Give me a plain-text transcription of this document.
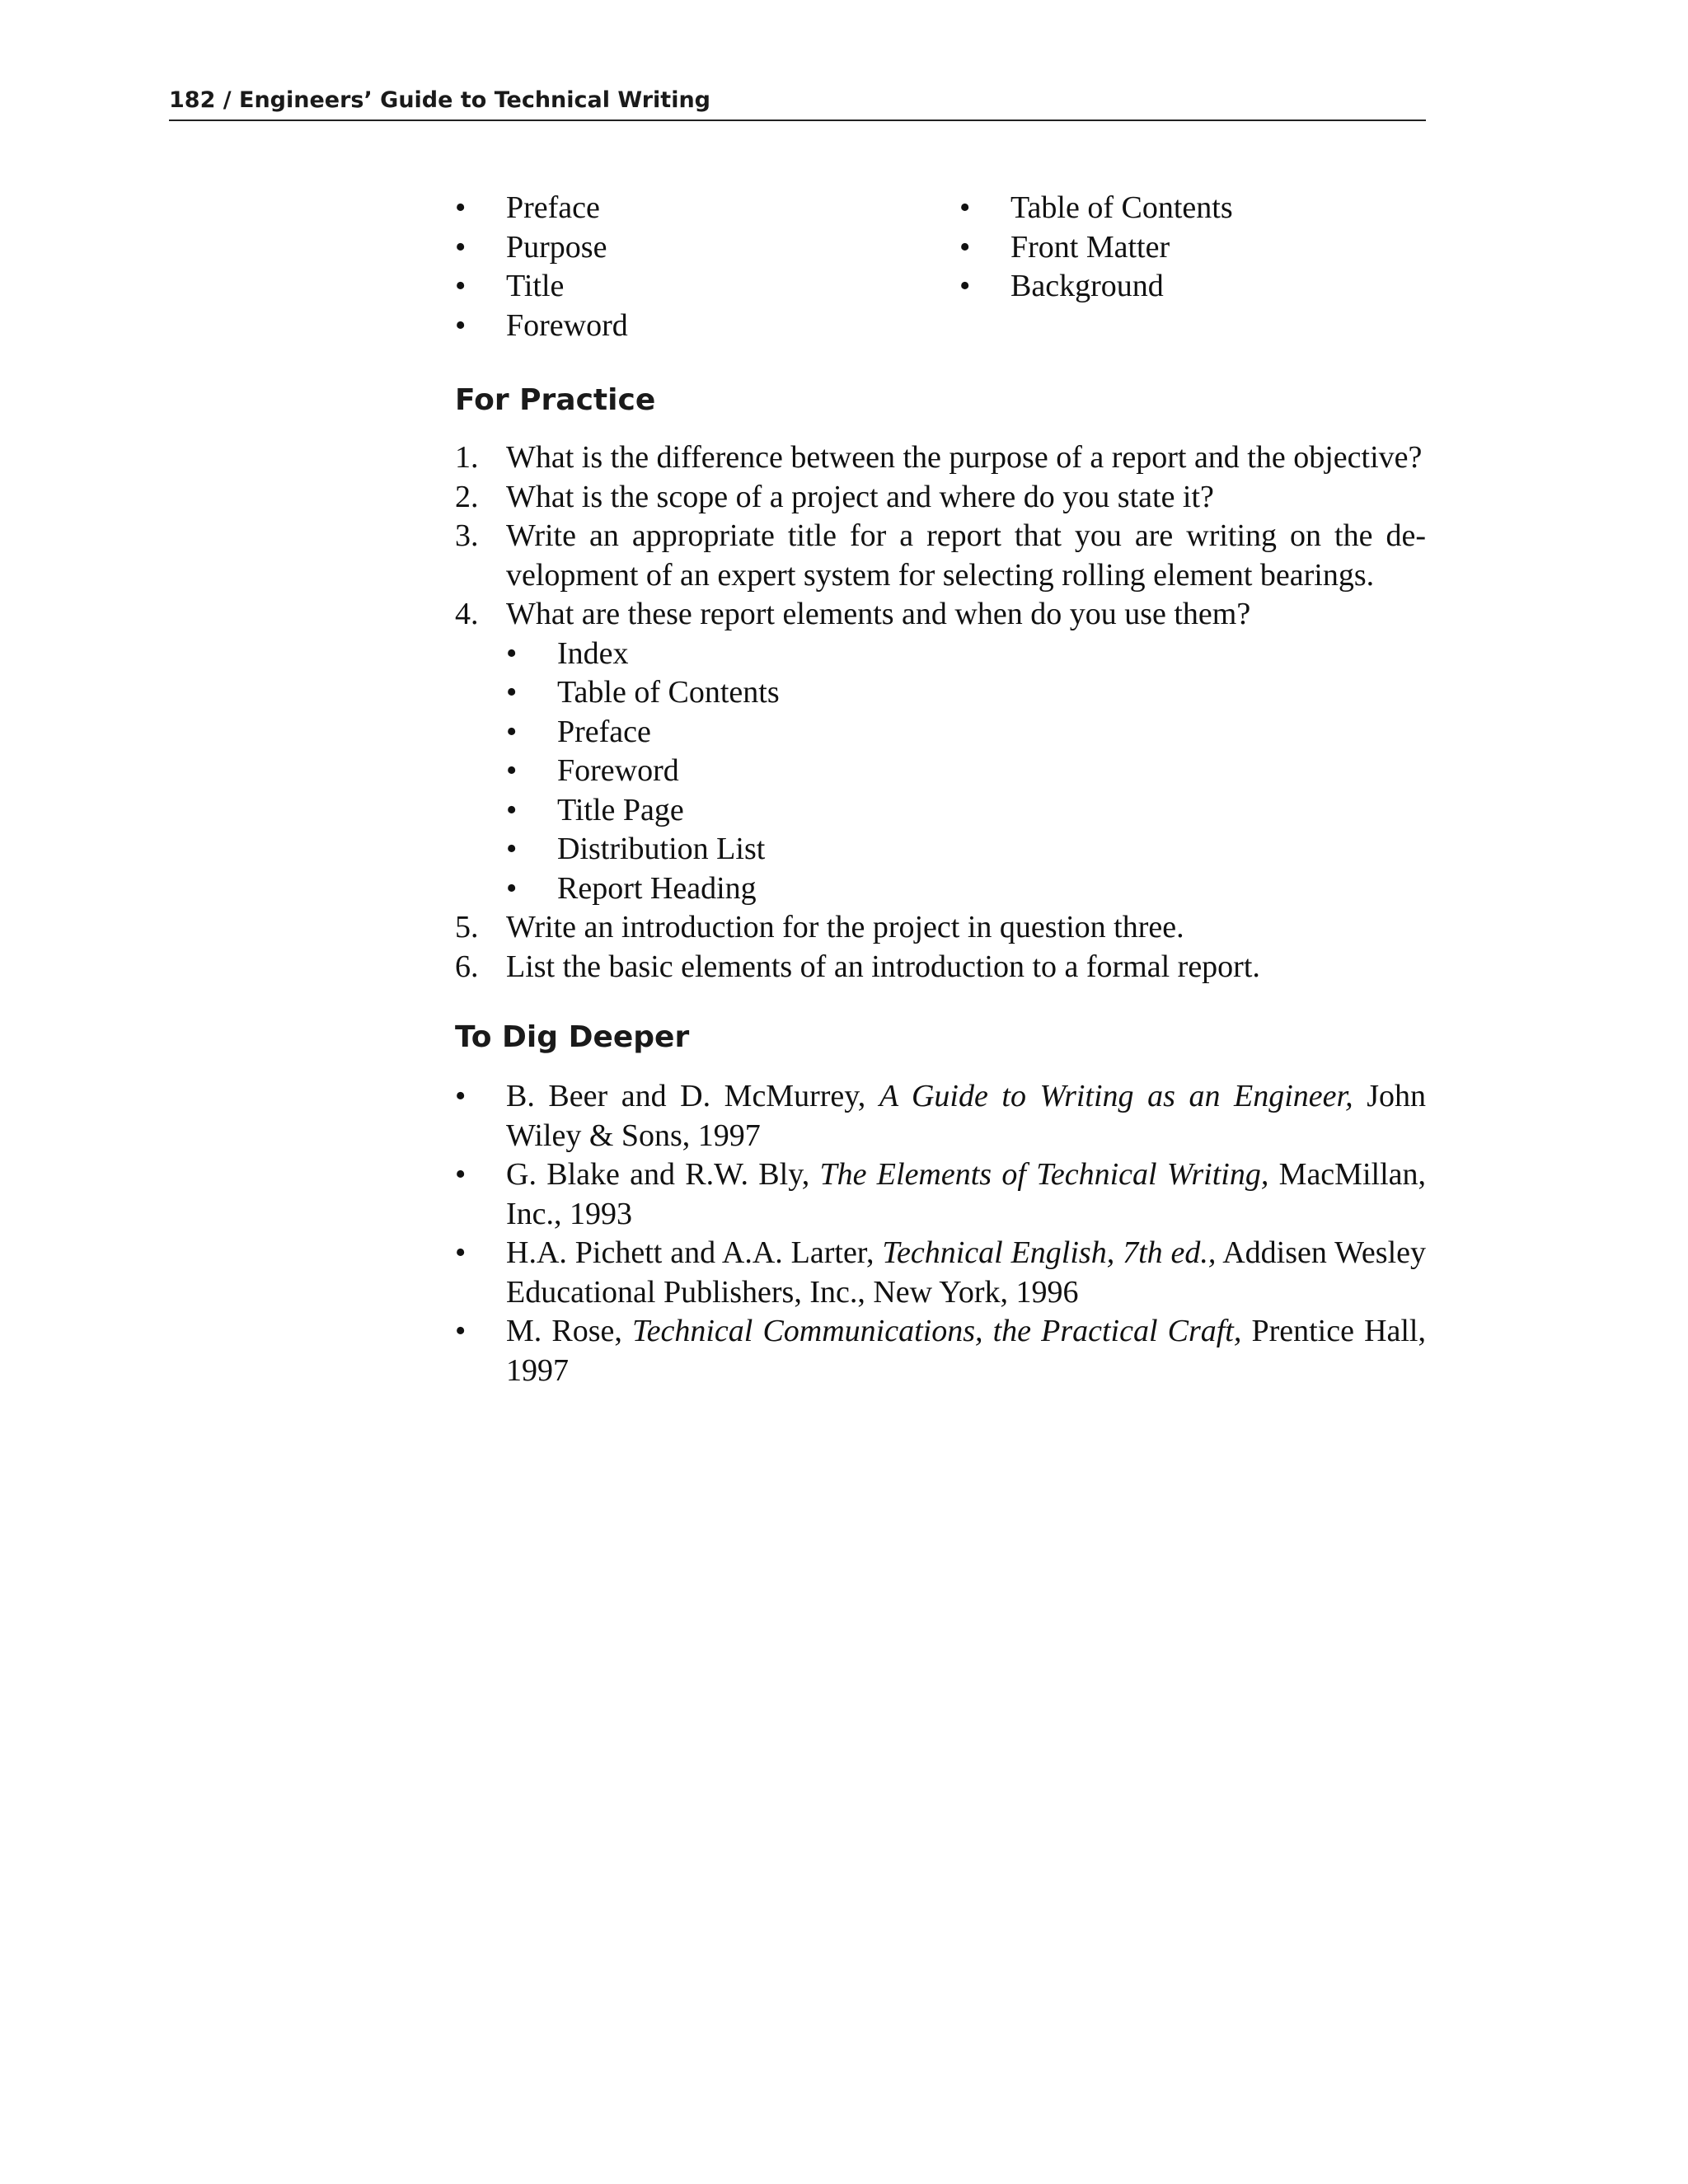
182 / Engineers’ Guide to Technical Writing
• Preface
• Purpose
• Title
• Foreword
• Table of Contents
• Front Matter
• Background
For Practice
1. What is the difference between the purpose of a report and the objective?
2. What is the scope of a project and where do you state it?
3. Write an appropriate title for a report that you are writing on the development of an expert system for selecting rolling element bearings.
4. What are these report elements and when do you use them?
• Index
• Table of Contents
• Preface
• Foreword
• Title Page
• Distribution List
• Report Heading
5. Write an introduction for the project in question three.
6. List the basic elements of an introduction to a formal report.
To Dig Deeper
• B. Beer and D. McMurrey, A Guide to Writing as an Engineer, John Wiley & Sons, 1997
• G. Blake and R.W. Bly, The Elements of Technical Writing, MacMillan, Inc., 1993
• H.A. Pichett and A.A. Larter, Technical English, 7th ed., Addisen Wesley Educational Publishers, Inc., New York, 1996
• M. Rose, Technical Communications, the Practical Craft, Prentice Hall, 1997
